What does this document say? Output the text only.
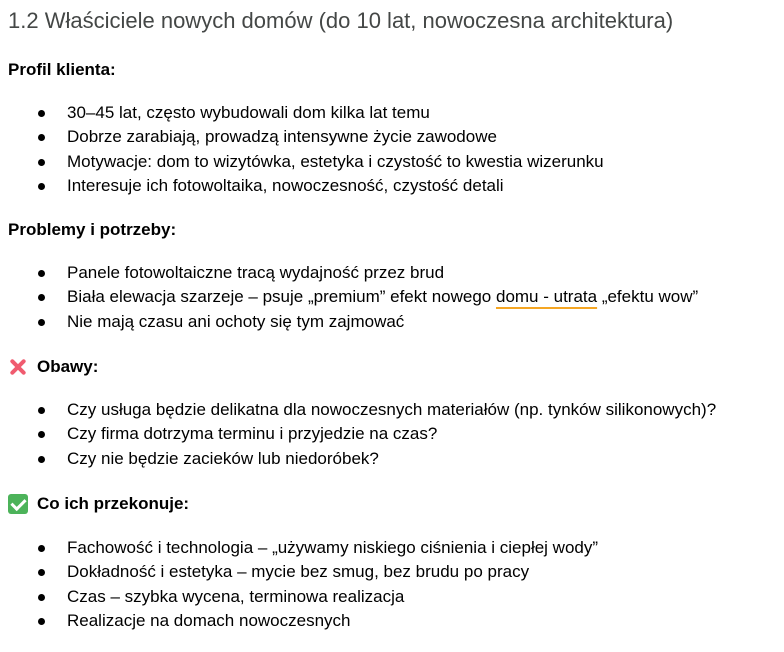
1.2 Właściciele nowych domów (do 10 lat, nowoczesna architektura)
Profil klienta:
30–45 lat, często wybudowali dom kilka lat temu
Dobrze zarabiają, prowadzą intensywne życie zawodowe
Motywacje: dom to wizytówka, estetyka i czystość to kwestia wizerunku
Interesuje ich fotowoltaika, nowoczesność, czystość detali
Problemy i potrzeby:
Panele fotowoltaiczne tracą wydajność przez brud
Biała elewacja szarzeje – psuje „premium” efekt nowego domu - utrata „efektu wow”
Nie mają czasu ani ochoty się tym zajmować
Obawy:
Czy usługa będzie delikatna dla nowoczesnych materiałów (np. tynków silikonowych)?
Czy firma dotrzyma terminu i przyjedzie na czas?
Czy nie będzie zacieków lub niedoróbek?
Co ich przekonuje:
Fachowość i technologia – „używamy niskiego ciśnienia i ciepłej wody”
Dokładność i estetyka – mycie bez smug, bez brudu po pracy
Czas – szybka wycena, terminowa realizacja
Realizacje na domach nowoczesnych
